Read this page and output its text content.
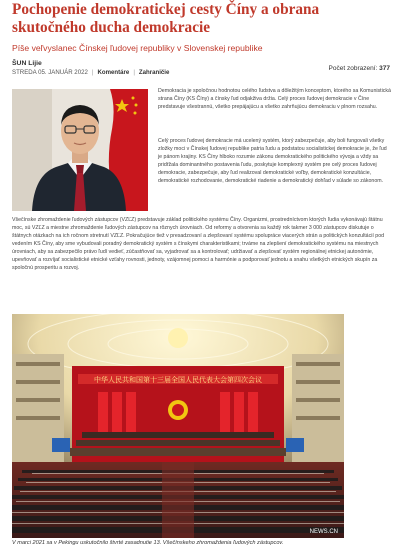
Pochopenie demokratickej cesty Číny a obrana skutočného ducha demokracie
Píše veľvyslanec Čínskej ľudovej republiky v Slovenskej republike
ŠUN Lijie
STREDA 05. JANUÁR 2022 | Komentáre | Zahraničie
Počet zobrazení: 377

Demokracia je spoločnou hodnotou celého ľudstva a dôležitým konceptom, ktorého sa Komunistická strana Číny (KS Číny) a čínsky ľud odjakživa držia. Celý proces ľudovej demokracie v Číne predstavuje všestrannú, všetko prepájajúcu a všetko zahrňujúcu demokraciu v plnom rozsahu.

Celý proces ľudovej demokracie má ucelený systém, ktorý zabezpečuje, aby boli fungovali všetky zložky moci v Čínskej ľudovej republike patria ľudu a podstatou socialistickej demokracie je, že ľud je pánom krajiny. KS Číny hlboko rozumie zákonu demokratického politického vývoja a vždy sa pridŕžala dominantného postavenia ľudu, poskytuje komplexný systém pre celý proces ľudovej demokracie, zabezpečuje, aby ľud realizoval demokratické voľby, demokratické konzultácie, demokratické rozhodovanie, demokratické riadenie a demokratický dohľad v súlade so zákonom.

Všečínske zhromaždenie ľudových zástupcov (VZĽZ) predstavuje základ politického systému Číny. Organizmi, prostredníctvom ktorých ľudia vykonávajú štátnu moc, sú VZĽZ a miestne zhromaždenie ľudových zástupcov na rôznych úrovniach. Od reformy a otvorenia sa každý rok takmer 3 000 zástupcov diskutuje o štátnych otázkach na ich ročnom stretnutí VZĽZ. Pokračujúce tiež v presadzovaní a zlepšovaní systému spolupráce viacerých strán a politických konzultácií pod vedením KS Číny, aby sme vybudovali poradný demokratický systém s čínskymi charakteristikami; trváme na zlepšení demokratického systému na miestnych úrovniach, aby sa zabezpečilo právo ľudí vedieť, zúčastňovať sa, vyjadrovať sa a kontrolovať; udržiavať a zlepšovať systém regionálnej etnickej autonómie, upevňovať a rozvíjať socialistické etnické vzťahy rovnosti, jednoty, vzájomnej pomoci a harmónie a podporovať jednotu a snahu všetkých etnických skupín za spoločnú prosperitu a rozvoj.

中华人民共和国第十三届全国人民代表大会第四次会议
NEWS.CN
V marci 2021 sa v Pekingu uskutočnilo štvrté zasadnutie 13. Všečínskeho zhromaždenia ľudových zástupcov.
